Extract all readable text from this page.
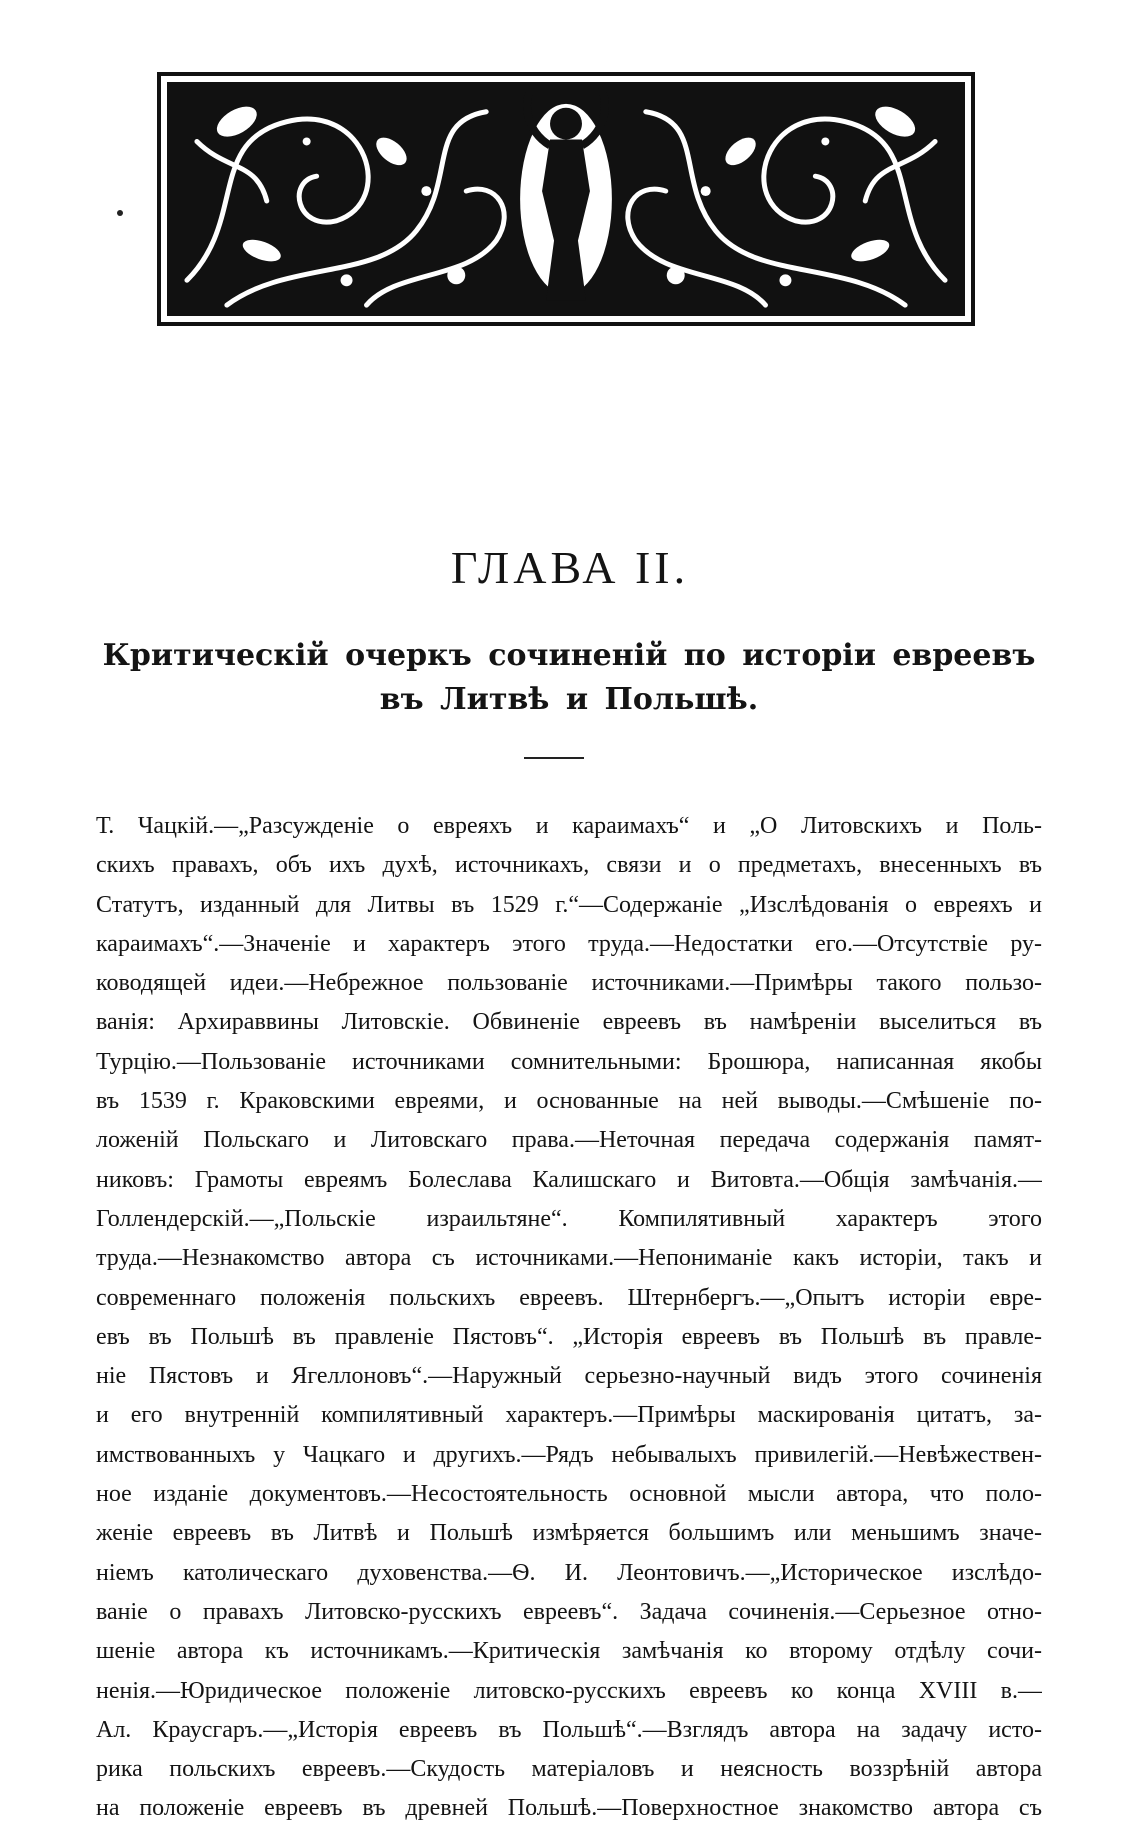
ГЛАВА II.
Критическій очеркъ сочиненій по исторіи евреевъ
въ Литвѣ и Польшѣ.
Т. Чацкій.—„Разсужденіе о евреяхъ и караимахъ“ и „О Литовскихъ и Поль-
скихъ правахъ, объ ихъ духѣ, источникахъ, связи и о предметахъ, внесенныхъ въ
Статутъ, изданный для Литвы въ 1529 г.“—Содержаніе „Изслѣдованія о евреяхъ и
караимахъ“.—Значеніе и характеръ этого труда.—Недостатки его.—Отсутствіе ру-
ководящей идеи.—Небрежное пользованіе источниками.—Примѣры такого пользо-
ванія: Архираввины Литовскіе. Обвиненіе евреевъ въ намѣреніи выселиться въ
Турцію.—Пользованіе источниками сомнительными: Брошюра, написанная якобы
въ 1539 г. Краковскими евреями, и основанные на ней выводы.—Смѣшеніе по-
ложеній Польскаго и Литовскаго права.—Неточная передача содержанія памят-
никовъ: Грамоты евреямъ Болеслава Калишскаго и Витовта.—Общія замѣчанія.—
Голлендерскій.—„Польскіе израильтяне“. Компилятивный характеръ этого
труда.—Незнакомство автора съ источниками.—Непониманіе какъ исторіи, такъ и
современнаго положенія польскихъ евреевъ. Штернбергъ.—„Опытъ исторіи евре-
евъ въ Польшѣ въ правленіе Пястовъ“. „Исторія евреевъ въ Польшѣ въ правле-
ніе Пястовъ и Ягеллоновъ“.—Наружный серьезно-научный видъ этого сочиненія
и его внутренній компилятивный характеръ.—Примѣры маскированія цитатъ, за-
имствованныхъ у Чацкаго и другихъ.—Рядъ небывалыхъ привилегій.—Невѣжествен-
ное изданіе документовъ.—Несостоятельность основной мысли автора, что поло-
женіе евреевъ въ Литвѣ и Польшѣ измѣряется большимъ или меньшимъ значе-
ніемъ католическаго духовенства.—Ѳ. И. Леонтовичъ.—„Историческое изслѣдо-
ваніе о правахъ Литовско-русскихъ евреевъ“. Задача сочиненія.—Серьезное отно-
шеніе автора къ источникамъ.—Критическія замѣчанія ко второму отдѣлу сочи-
ненія.—Юридическое положеніе литовско-русскихъ евреевъ ко конца XVIII в.—
Ал. Краусгаръ.—„Исторія евреевъ въ Польшѣ“.—Взглядъ автора на задачу исто-
рика польскихъ евреевъ.—Скудость матеріаловъ и неясность воззрѣній автора
на положеніе евреевъ въ древней Польшѣ.—Поверхностное знакомство автора съ
